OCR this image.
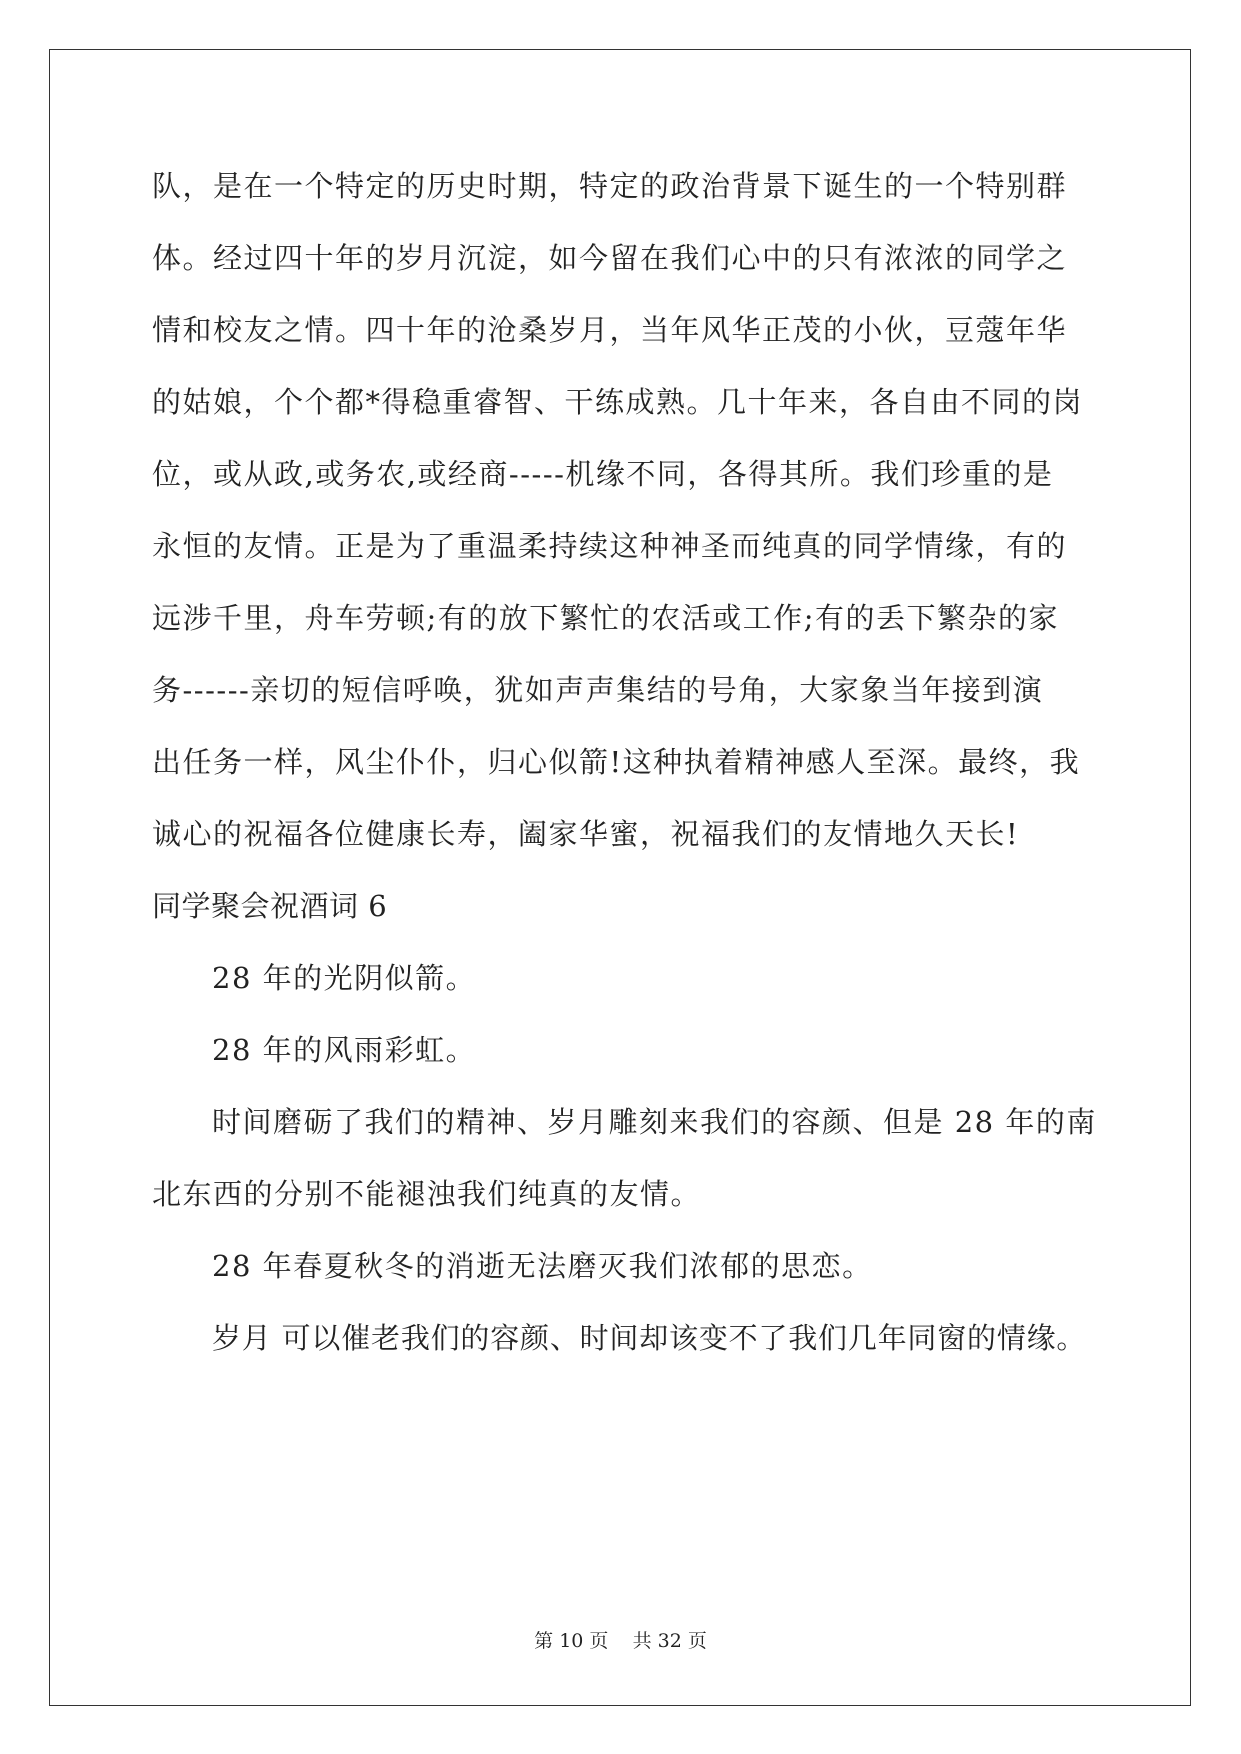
队，是在一个特定的历史时期，特定的政治背景下诞生的一个特别群
体。经过四十年的岁月沉淀，如今留在我们心中的只有浓浓的同学之
情和校友之情。四十年的沧桑岁月，当年风华正茂的小伙，豆蔻年华
的姑娘，个个都*得稳重睿智、干练成熟。几十年来，各自由不同的岗
位，或从政,或务农,或经商-----机缘不同，各得其所。我们珍重的是
永恒的友情。正是为了重温柔持续这种神圣而纯真的同学情缘，有的
远涉千里，舟车劳顿;有的放下繁忙的农活或工作;有的丢下繁杂的家
务------亲切的短信呼唤，犹如声声集结的号角，大家象当年接到演
出任务一样，风尘仆仆，归心似箭!这种执着精神感人至深。最终，我
诚心的祝福各位健康长寿，阖家华蜜，祝福我们的友情地久天长!
同学聚会祝酒词 6
28 年的光阴似箭。
28 年的风雨彩虹。
时间磨砺了我们的精神、岁月雕刻来我们的容颜、但是 28 年的南
北东西的分别不能褪浊我们纯真的友情。
28 年春夏秋冬的消逝无法磨灭我们浓郁的思恋。
岁月 可以催老我们的容颜、时间却该变不了我们几年同窗的情缘。
第 10 页    共 32 页
